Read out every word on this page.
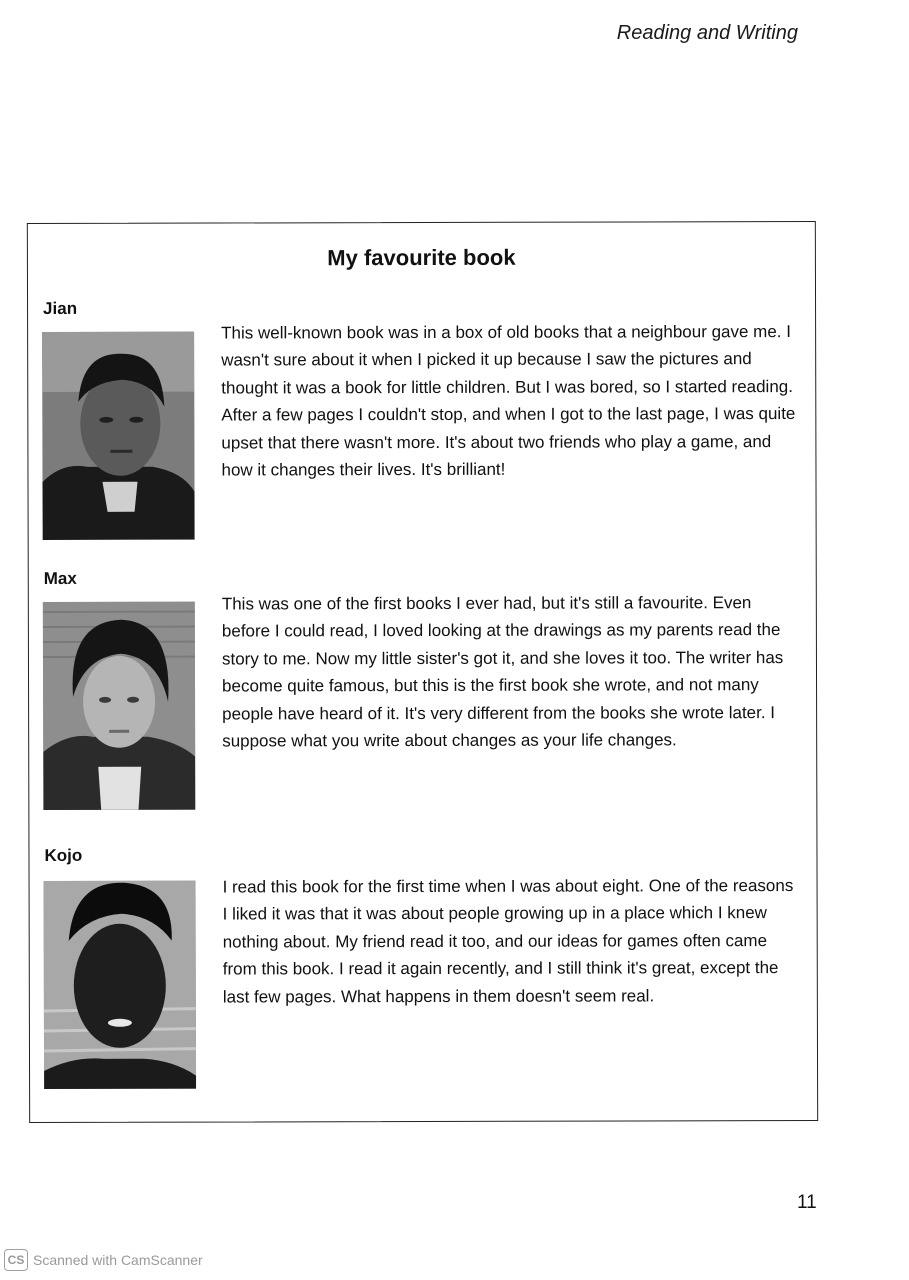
Reading and Writing
My favourite book
Jian
This well-known book was in a box of old books that a neighbour gave me. I wasn't sure about it when I picked it up because I saw the pictures and thought it was a book for little children. But I was bored, so I started reading. After a few pages I couldn't stop, and when I got to the last page, I was quite upset that there wasn't more. It's about two friends who play a game, and how it changes their lives. It's brilliant!
Max
This was one of the first books I ever had, but it's still a favourite. Even before I could read, I loved looking at the drawings as my parents read the story to me. Now my little sister's got it, and she loves it too. The writer has become quite famous, but this is the first book she wrote, and not many people have heard of it. It's very different from the books she wrote later. I suppose what you write about changes as your life changes.
Kojo
I read this book for the first time when I was about eight. One of the reasons I liked it was that it was about people growing up in a place which I knew nothing about. My friend read it too, and our ideas for games often came from this book. I read it again recently, and I still think it's great, except the last few pages. What happens in them doesn't seem real.
11
CS Scanned with CamScanner
